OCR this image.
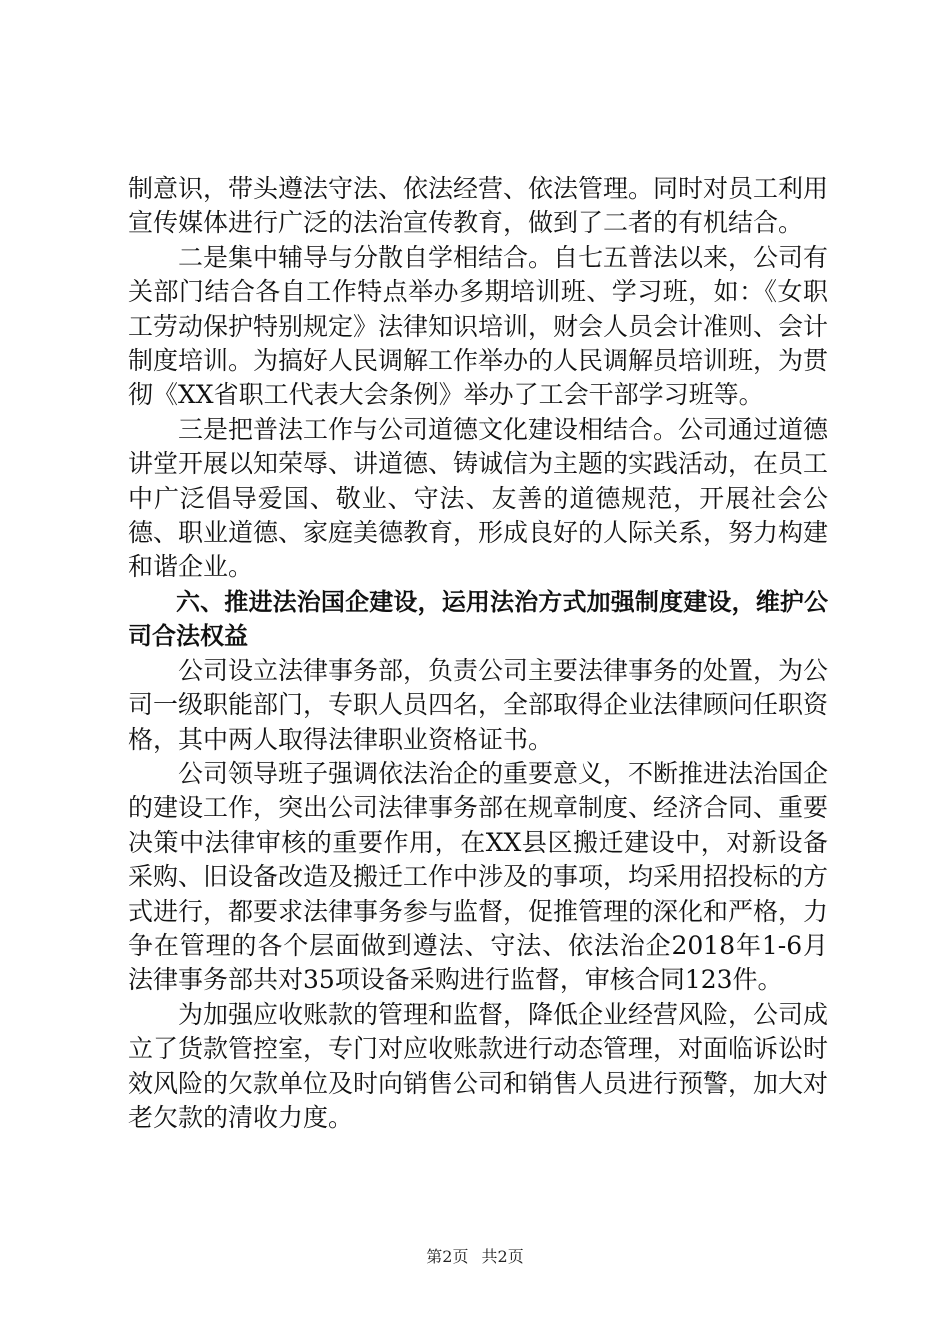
制意识，带头遵法守法、依法经营、依法管理。同时对员工利用宣传媒体进行广泛的法治宣传教育，做到了二者的有机结合。

二是集中辅导与分散自学相结合。自七五普法以来，公司有关部门结合各自工作特点举办多期培训班、学习班，如：《女职工劳动保护特别规定》法律知识培训，财会人员会计准则、会计制度培训。为搞好人民调解工作举办的人民调解员培训班，为贯彻《XX省职工代表大会条例》举办了工会干部学习班等。

三是把普法工作与公司道德文化建设相结合。公司通过道德讲堂开展以知荣辱、讲道德、铸诚信为主题的实践活动，在员工中广泛倡导爱国、敬业、守法、友善的道德规范，开展社会公德、职业道德、家庭美德教育，形成良好的人际关系，努力构建和谐企业。

六、推进法治国企建设，运用法治方式加强制度建设，维护公司合法权益

公司设立法律事务部，负责公司主要法律事务的处置，为公司一级职能部门，专职人员四名，全部取得企业法律顾问任职资格，其中两人取得法律职业资格证书。

公司领导班子强调依法治企的重要意义，不断推进法治国企的建设工作，突出公司法律事务部在规章制度、经济合同、重要决策中法律审核的重要作用，在XX县区搬迁建设中，对新设备采购、旧设备改造及搬迁工作中涉及的事项，均采用招投标的方式进行，都要求法律事务参与监督，促推管理的深化和严格，力争在管理的各个层面做到遵法、守法、依法治企2018年1-6月法律事务部共对35项设备采购进行监督，审核合同123件。

为加强应收账款的管理和监督，降低企业经营风险，公司成立了货款管控室，专门对应收账款进行动态管理，对面临诉讼时效风险的欠款单位及时向销售公司和销售人员进行预警，加大对老欠款的清收力度。

第2页 共2页
